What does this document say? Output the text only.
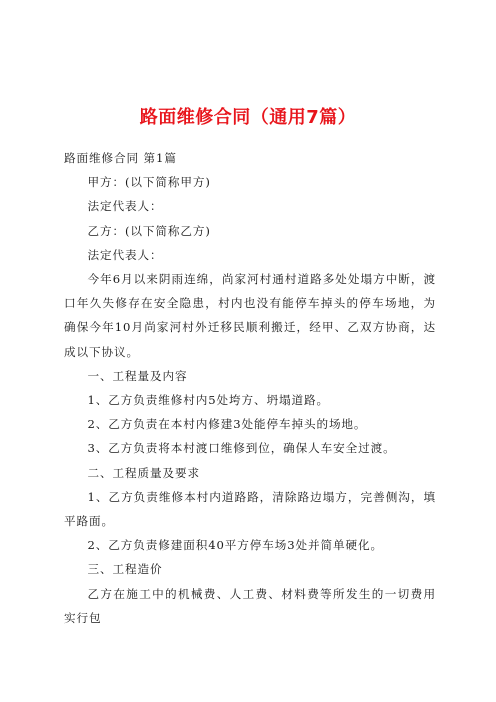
路面维修合同（通用7篇）

路面维修合同 第1篇

甲方：(以下简称甲方)

法定代表人：

乙方：(以下简称乙方)

法定代表人：

今年6月以来阴雨连绵，尚家河村通村道路多处处塌方中断，渡口年久失修存在安全隐患，村内也没有能停车掉头的停车场地，为确保今年10月尚家河村外迁移民顺利搬迁，经甲、乙双方协商，达成以下协议。

一、工程量及内容

1、乙方负责维修村内5处垮方、坍塌道路。

2、乙方负责在本村内修建3处能停车掉头的场地。

3、乙方负责将本村渡口维修到位，确保人车安全过渡。

二、工程质量及要求

1、乙方负责维修本村内道路路，清除路边塌方，完善侧沟，填平路面。

2、乙方负责修建面积40平方停车场3处并简单硬化。

三、工程造价

乙方在施工中的机械费、人工费、材料费等所发生的一切费用实行包
